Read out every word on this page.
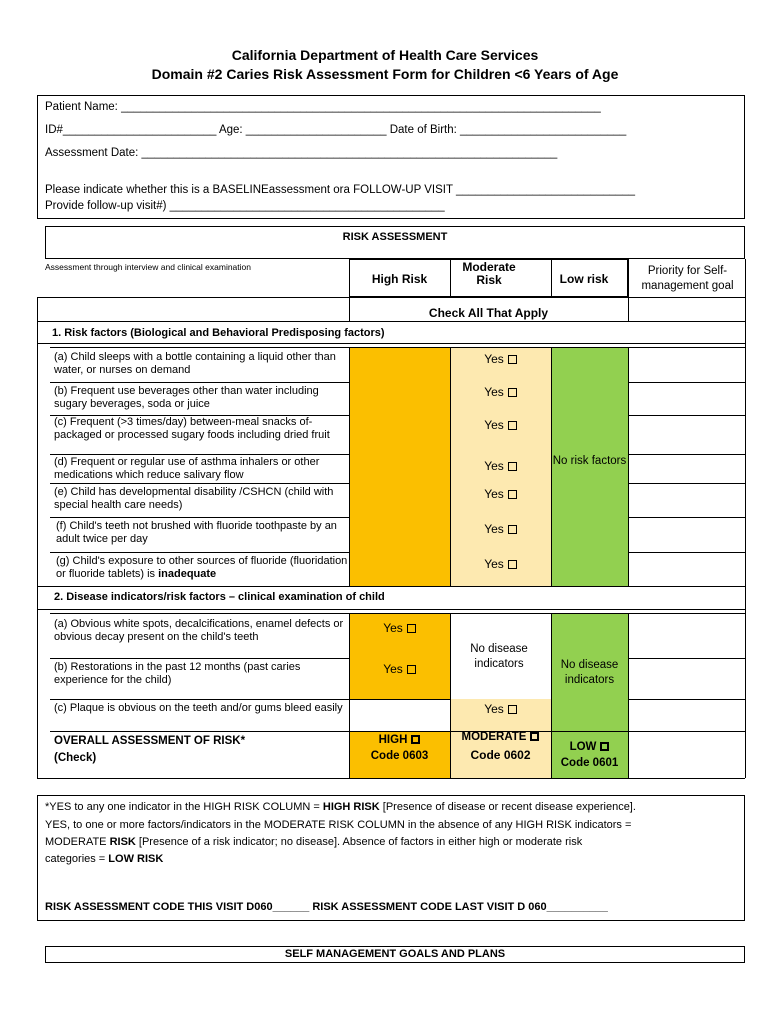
California Department of Health Care Services
Domain #2 Caries Risk Assessment Form for Children <6 Years of Age
Patient Name: ___________________________________________________________________________
ID#________________________ Age: ______________________ Date of Birth: __________________________
Assessment Date: _________________________________________________________________
Please indicate whether this is a BASELINEassessment ora FOLLOW-UP VISIT ____________________________
Provide follow-up visit#) ___________________________________________
RISK ASSESSMENT
Assessment through interview and clinical examination
High Risk
Moderate Risk	Low risk
Priority for Self-management goal
Check All That Apply
1. Risk factors (Biological and Behavioral Predisposing factors)
(a) Child sleeps with a bottle containing a liquid other than water, or nurses on demand
(b) Frequent use beverages other than water including sugary beverages, soda or juice
(c) Frequent (>3 times/day) between-meal snacks of-packaged or processed sugary foods including dried fruit
(d) Frequent or regular use of asthma inhalers or other medications which reduce salivary flow
(e) Child has developmental disability /CSHCN (child with special health care needs)
(f) Child's teeth not brushed with fluoride toothpaste by an adult twice per day
(g) Child's exposure to other sources of fluoride (fluoridation or fluoride tablets) is inadequate
Yes
Yes
Yes
Yes
Yes
Yes
Yes
No risk factors
2. Disease indicators/risk factors – clinical examination of child
(a) Obvious white spots, decalcifications, enamel defects or obvious decay present on the child's teeth
(b) Restorations in the past 12 months (past caries experience for the child)
(c) Plaque is obvious on the teeth and/or gums bleed easily
Yes
Yes
Yes
No disease indicators	No disease indicators
OVERALL ASSESSMENT OF RISK*
(Check)
HIGH
Code 0603
MODERATE
Code 0602
LOW
Code 0601
*YES to any one indicator in the HIGH RISK COLUMN = HIGH RISK [Presence of disease or recent disease experience].
YES, to one or more factors/indicators in the MODERATE RISK COLUMN in the absence of any HIGH RISK indicators =
MODERATE RISK [Presence of a risk indicator; no disease]. Absence of factors in either high or moderate risk
categories = LOW RISK
RISK ASSESSMENT CODE THIS VISIT D060______ RISK ASSESSMENT CODE LAST VISIT D 060__________
SELF MANAGEMENT GOALS AND PLANS
